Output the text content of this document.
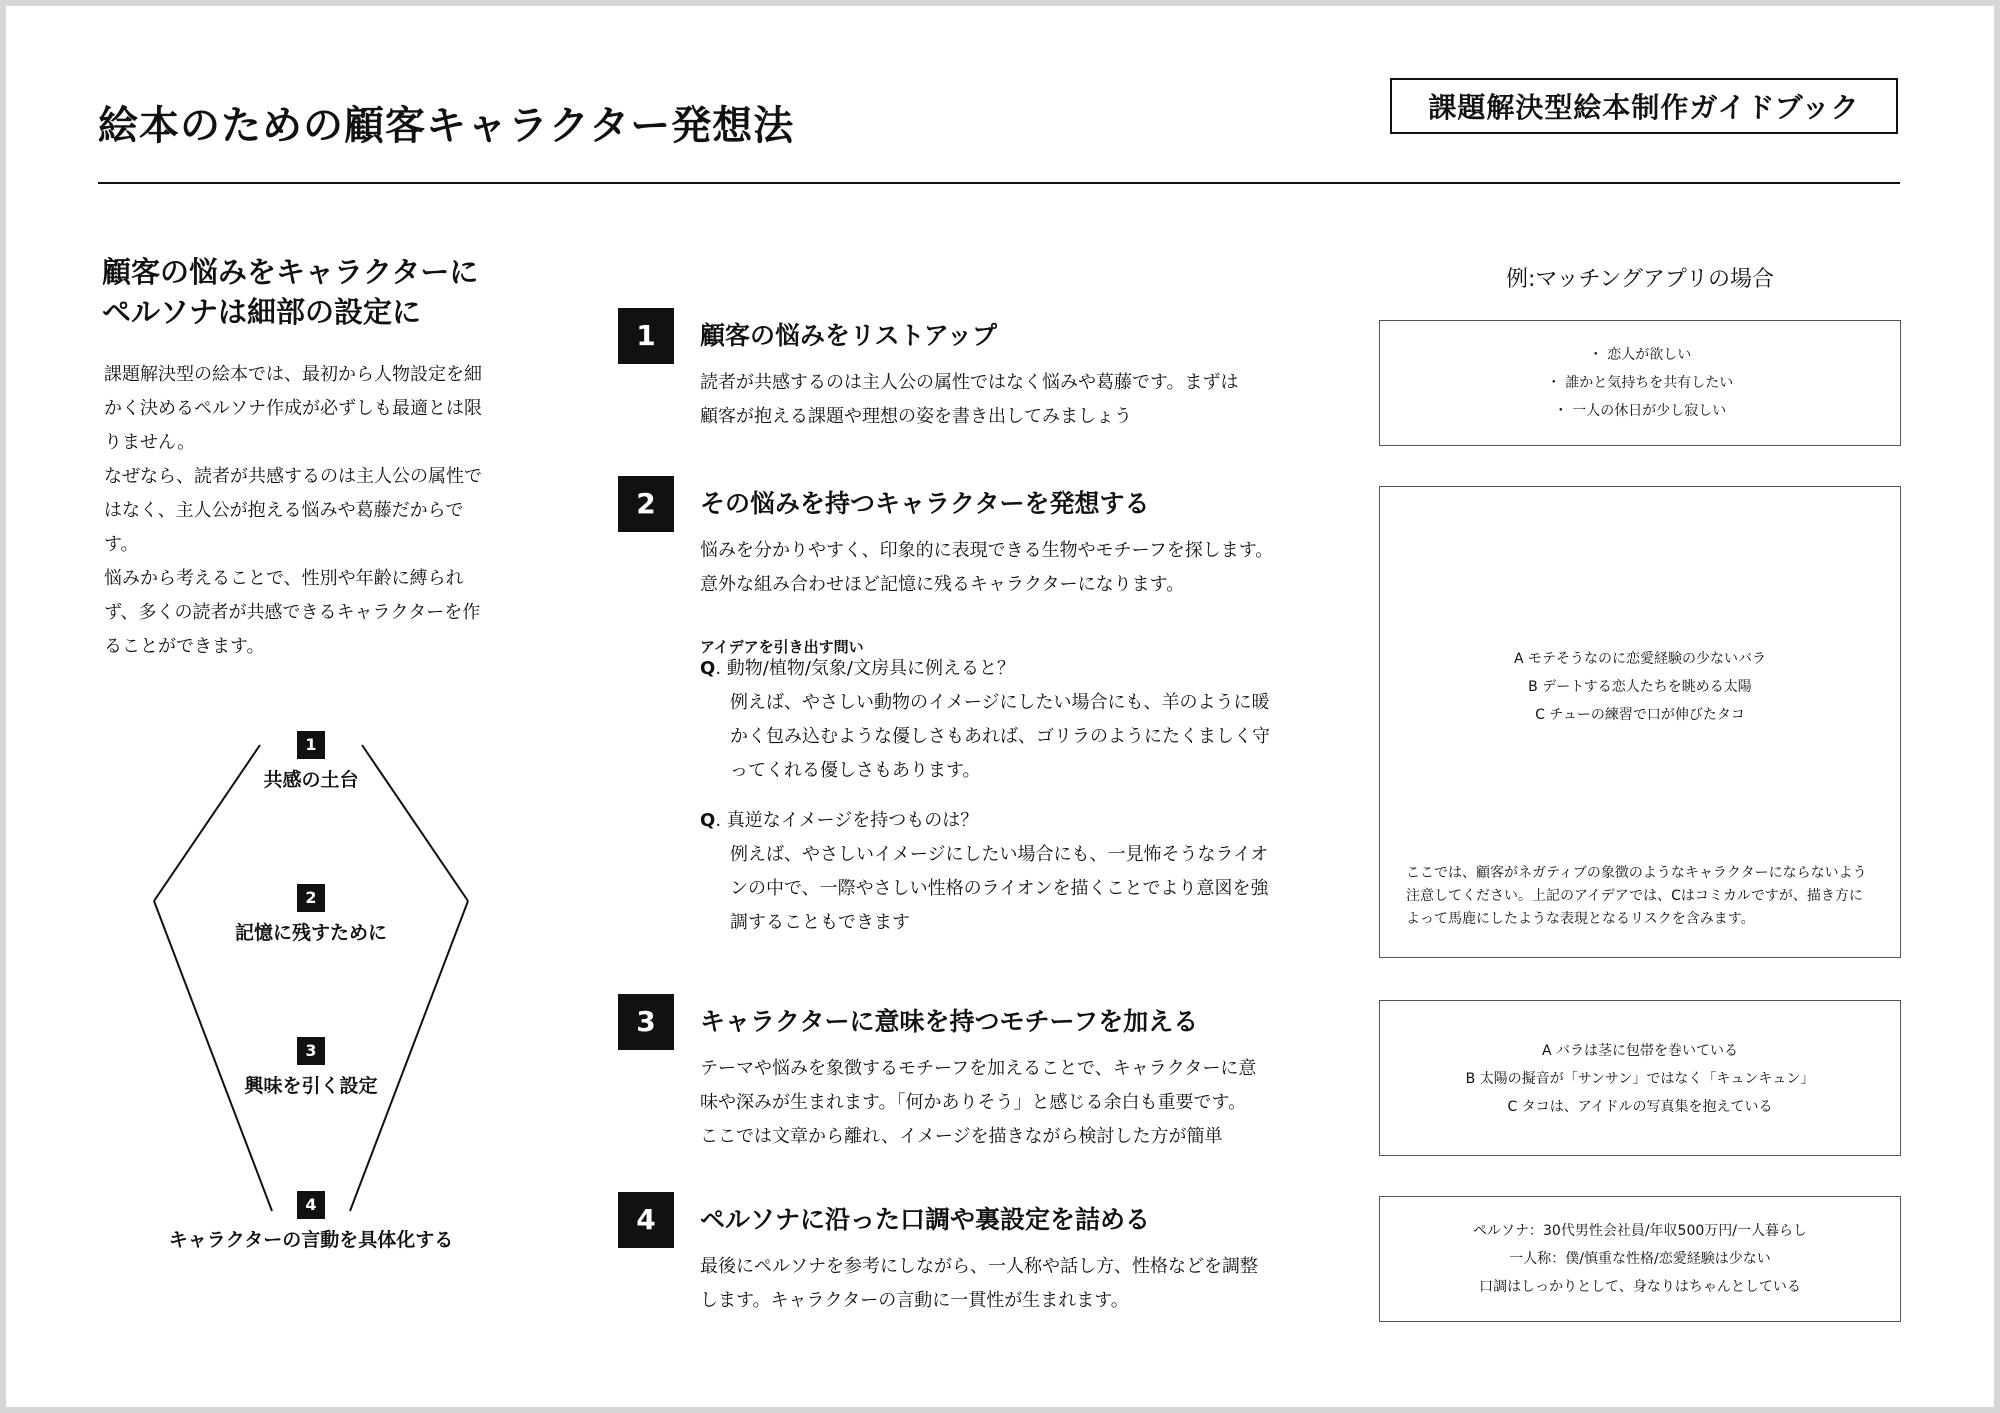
絵本のための顧客キャラクター発想法	課題解決型絵本制作ガイドブック
顧客の悩みをキャラクターに
ペルソナは細部の設定に

課題解決型の絵本では、最初から人物設定を細かく決めるペルソナ作成が必ずしも最適とは限りません。

なぜなら、読者が共感するのは主人公の属性ではなく、主人公が抱える悩みや葛藤だからです。

悩みから考えることで、性別や年齢に縛られず、多くの読者が共感できるキャラクターを作ることができます。

1
共感の土台
2
記憶に残すために
3
興味を引く設定
4
キャラクターの言動を具体化する
1	顧客の悩みをリストアップ

読者が共感するのは主人公の属性ではなく悩みや葛藤です。まずは

顧客が抱える課題や理想の姿を書き出してみましょう

2	その悩みを持つキャラクターを発想する

悩みを分かりやすく、印象的に表現できる生物やモチーフを探します。

意外な組み合わせほど記憶に残るキャラクターになります。

アイデアを引き出す問い
Q. 動物/植物/気象/文房具に例えると？

例えば、やさしい動物のイメージにしたい場合にも、羊のように暖

かく包み込むような優しさもあれば、ゴリラのようにたくましく守

ってくれる優しさもあります。

Q. 真逆なイメージを持つものは？

例えば、やさしいイメージにしたい場合にも、一見怖そうなライオ

ンの中で、一際やさしい性格のライオンを描くことでより意図を強

調することもできます

3	キャラクターに意味を持つモチーフを加える

テーマや悩みを象徴するモチーフを加えることで、キャラクターに意

味や深みが生まれます。「何かありそう」と感じる余白も重要です。

ここでは文章から離れ、イメージを描きながら検討した方が簡単

4	ペルソナに沿った口調や裏設定を詰める

最後にペルソナを参考にしながら、一人称や話し方、性格などを調整

します。キャラクターの言動に一貫性が生まれます。

例:マッチングアプリの場合
・ 恋人が欲しい
・ 誰かと気持ちを共有したい
・ 一人の休日が少し寂しい
A モテそうなのに恋愛経験の少ないバラ
B デートする恋人たちを眺める太陽
C チューの練習で口が伸びたタコ
ここでは、顧客がネガティブの象徴のようなキャラクターにならないよう
注意してください。上記のアイデアでは、Cはコミカルですが、描き方に
よって馬鹿にしたような表現となるリスクを含みます。
A バラは茎に包帯を巻いている
B 太陽の擬音が「サンサン」ではなく「キュンキュン」
C タコは、アイドルの写真集を抱えている
ペルソナ：30代男性会社員/年収500万円/一人暮らし
一人称：僕/慎重な性格/恋愛経験は少ない
口調はしっかりとして、身なりはちゃんとしている
